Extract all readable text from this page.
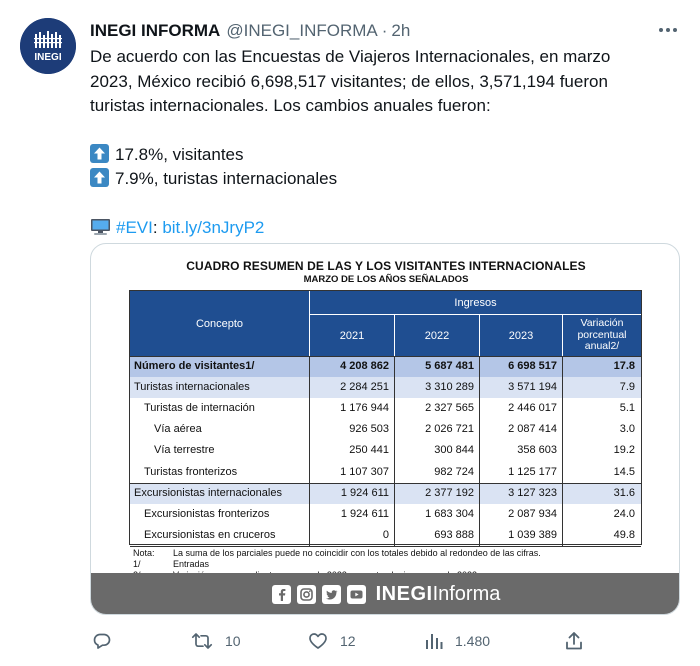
INEGI
INEGI INFORMA @INEGI_INFORMA · 2h

De acuerdo con las Encuestas de Viajeros Internacionales, en marzo

2023, México recibió 6,698,517 visitantes; de ellos, 3,571,194 fueron

turistas internacionales. Los cambios anuales fueron:

17.8%, visitantes

7.9%, turistas internacionales

#EVI: bit.ly/3nJryP2

CUADRO RESUMEN DE LAS Y LOS VISITANTES INTERNACIONALES
MARZO DE LOS AÑOS SEÑALADOS
Concepto
Ingresos
2021	2022	2023
Variación
porcentual
anual2/
Número de visitantes1/	4 208 862	5 687 481	6 698 517	17.8
Turistas internacionales	2 284 251	3 310 289	3 571 194	7.9
Turistas de internación	1 176 944	2 327 565	2 446 017	5.1
Vía aérea	926 503	2 026 721	2 087 414	3.0
Vía terrestre	250 441	300 844	358 603	19.2
Turistas fronterizos	1 107 307	982 724	1 125 177	14.5
Excursionistas internacionales	1 924 611	2 377 192	3 127 323	31.6
Excursionistas fronterizos	1 924 611	1 683 304	2 087 934	24.0
Excursionistas en cruceros	0	693 888	1 039 389	49.8
Nota: La suma de los parciales puede no coincidir con los totales debido al redondeo de las cifras.
1/	Entradas
INEGI Informa
10	12	1.480
